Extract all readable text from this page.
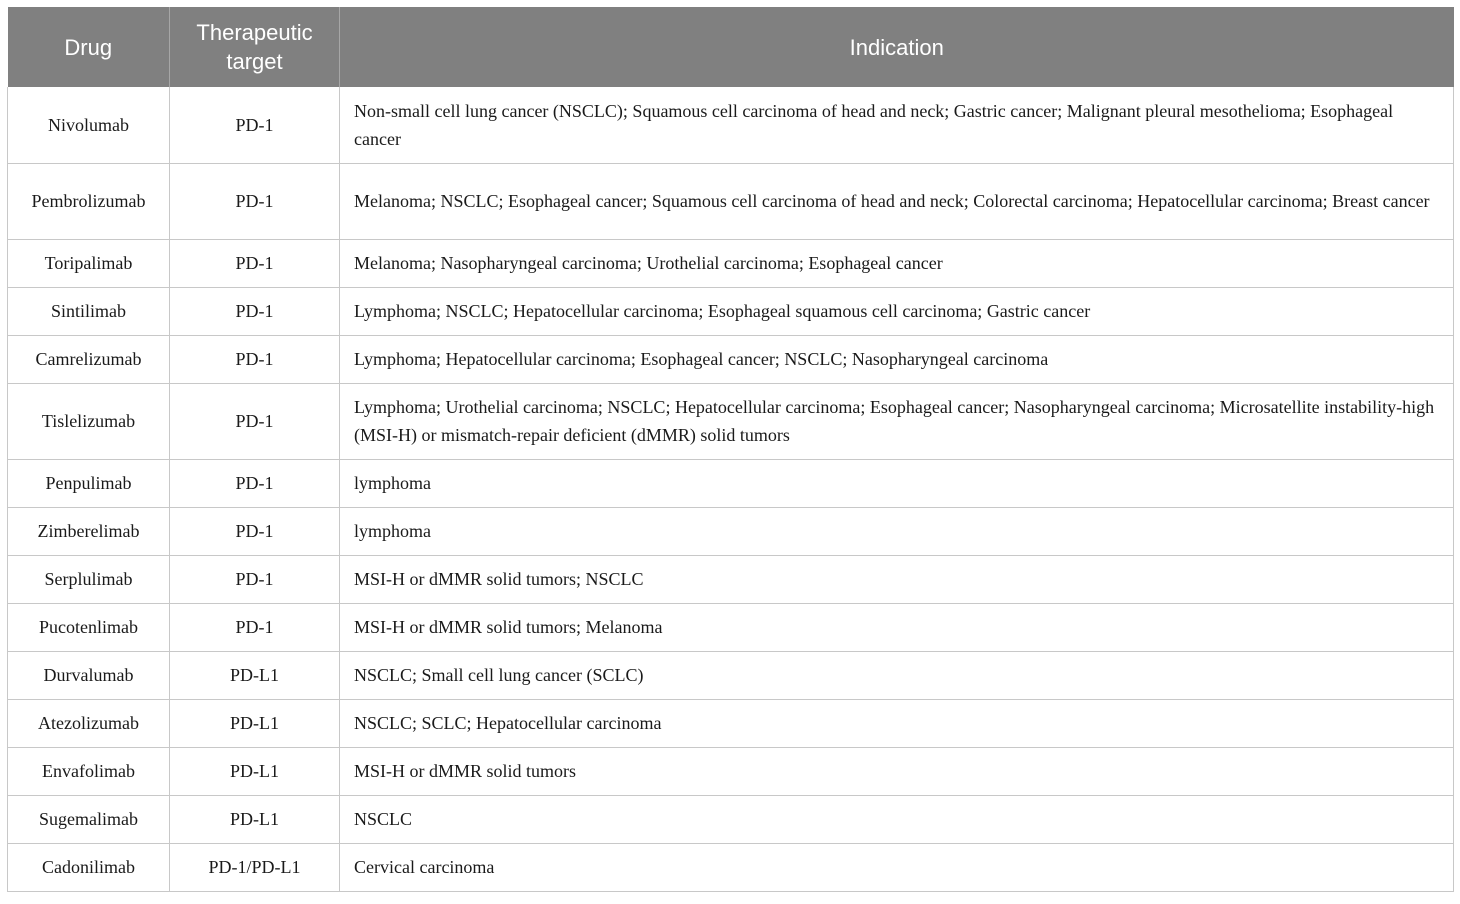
Drug	Therapeutic target	Indication
Nivolumab	PD-1	Non-small cell lung cancer (NSCLC); Squamous cell carcinoma of head and neck; Gastric cancer; Malignant pleural mesothelioma; Esophageal cancer
Pembrolizumab	PD-1	Melanoma; NSCLC; Esophageal cancer; Squamous cell carcinoma of head and neck; Colorectal carcinoma; Hepatocellular carcinoma; Breast cancer
Toripalimab	PD-1	Melanoma; Nasopharyngeal carcinoma; Urothelial carcinoma; Esophageal cancer
Sintilimab	PD-1	Lymphoma; NSCLC; Hepatocellular carcinoma; Esophageal squamous cell carcinoma; Gastric cancer
Camrelizumab	PD-1	Lymphoma; Hepatocellular carcinoma; Esophageal cancer; NSCLC; Nasopharyngeal carcinoma
Tislelizumab	PD-1	Lymphoma; Urothelial carcinoma; NSCLC; Hepatocellular carcinoma; Esophageal cancer; Nasopharyngeal carcinoma; Microsatellite instability-high (MSI-H) or mismatch-repair deficient (dMMR) solid tumors
Penpulimab	PD-1	lymphoma
Zimberelimab	PD-1	lymphoma
Serplulimab	PD-1	MSI-H or dMMR solid tumors; NSCLC
Pucotenlimab	PD-1	MSI-H or dMMR solid tumors; Melanoma
Durvalumab	PD-L1	NSCLC; Small cell lung cancer (SCLC)
Atezolizumab	PD-L1	NSCLC; SCLC; Hepatocellular carcinoma
Envafolimab	PD-L1	MSI-H or dMMR solid tumors
Sugemalimab	PD-L1	NSCLC
Cadonilimab	PD-1/PD-L1	Cervical carcinoma
